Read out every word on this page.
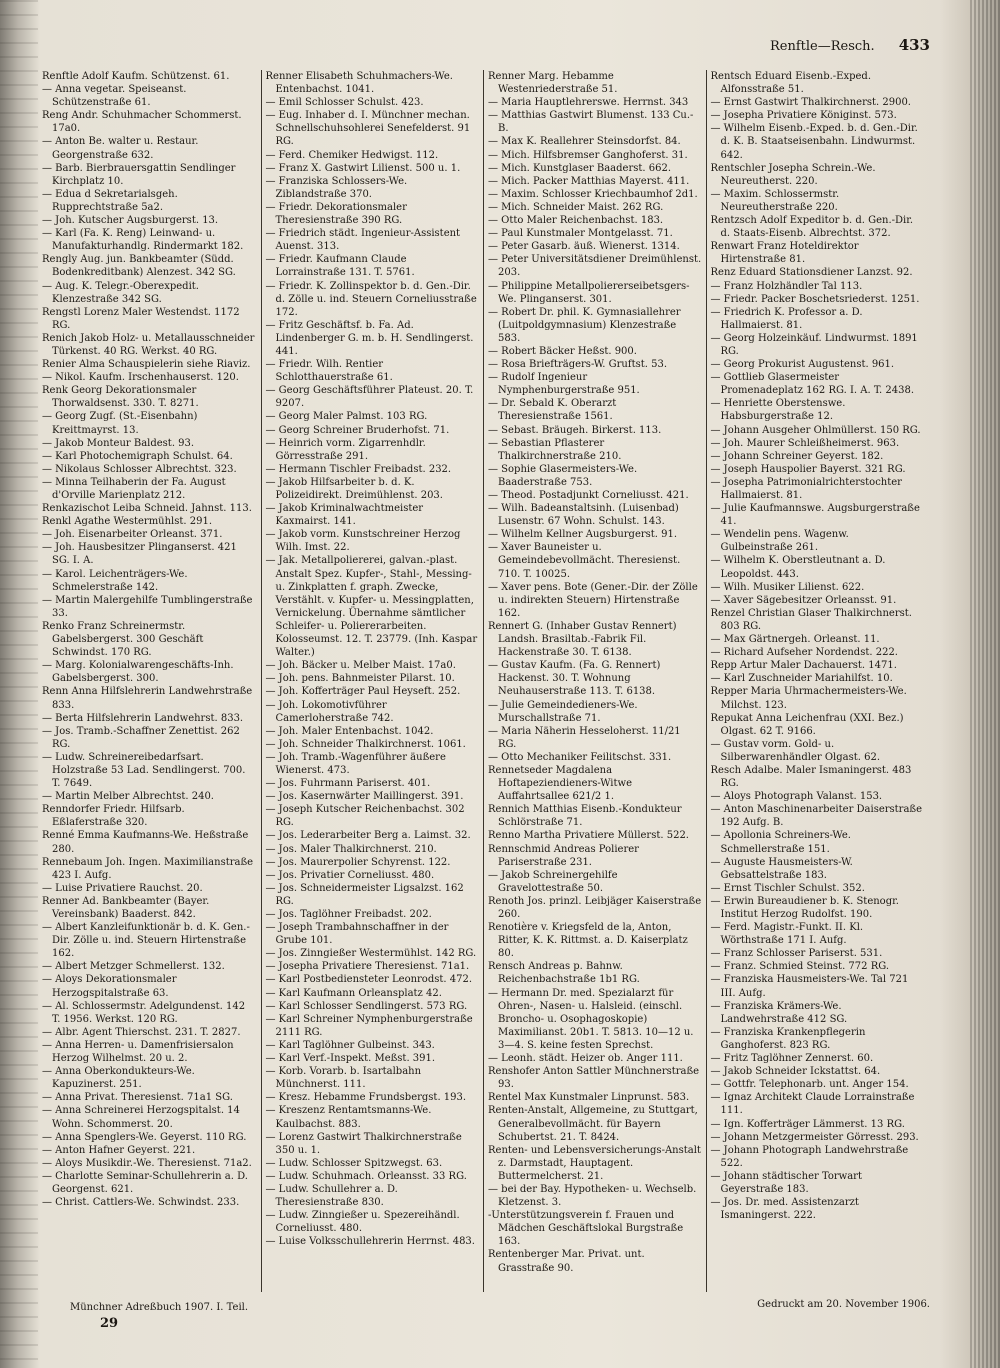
Renftle—Resch. 433
Renftle Adolf Kaufm. Schützenst. 61.
— Anna vegetar. Speiseanst. Schützenstraße 61.
Reng Andr. Schuhmacher Schommerst. 17a0.
— Anton Be. walter u. Restaur. Georgenstraße 632.
— Barb. Bierbrauersgattin Sendlinger Kirchplatz 10.
— Edua d Sekretarialsgeh. Rupprechtstraße 5a2.
— Joh. Kutscher Augsburgerst. 13.
— Karl (Fa. K. Reng) Leinwand- u. Manufakturhandlg. Rindermarkt 182.
Rengly Aug. jun. Bankbeamter (Südd. Bodenkreditbank) Alenzest. 342 SG.
— Aug. K. Telegr.-Oberexpedit. Klenzestraße 342 SG.
Rengstl Lorenz Maler Westendst. 1172 RG.
Renich Jakob Holz- u. Metallausschneider Türkenst. 40 RG. Werkst. 40 RG.
Renier Alma Schauspielerin siehe Riaviz.
— Nikol. Kaufm. Irschenhauserst. 120.
Renk Georg Dekorationsmaler Thorwaldsenst. 330. T. 8271.
— Georg Zugf. (St.-Eisenbahn) Kreittmayrst. 13.
— Jakob Monteur Baldest. 93.
— Karl Photochemigraph Schulst. 64.
— Nikolaus Schlosser Albrechtst. 323.
— Minna Teilhaberin der Fa. August d'Orville Marienplatz 212.
Renkazischot Leiba Schneid. Jahnst. 113.
Renkl Agathe Westermühlst. 291.
— Joh. Eisenarbeiter Orleanst. 371.
— Joh. Hausbesitzer Plinganserst. 421 SG. I. A.
— Karol. Leichenträgers-We. Schmelerstraße 142.
— Martin Malergehilfe Tumblingerstraße 33.
Renko Franz Schreinermstr. Gabelsbergerst. 300 Geschäft Schwindst. 170 RG.
— Marg. Kolonialwarengeschäfts-Inh. Gabelsbergerst. 300.
Renn Anna Hilfslehrerin Landwehrstraße 833.
— Berta Hilfslehrerin Landwehrst. 833.
— Jos. Tramb.-Schaffner Zenettist. 262 RG.
— Ludw. Schreinereibedarfsart. Holzstraße 53 Lad. Sendlingerst. 700. T. 7649.
— Martin Melber Albrechtst. 240.
Renndorfer Friedr. Hilfsarb. Eßlaferstraße 320.
Renné Emma Kaufmanns-We. Heßstraße 280.
Rennebaum Joh. Ingen. Maximilianstraße 423 I. Aufg.
— Luise Privatiere Rauchst. 20.
Renner Ad. Bankbeamter (Bayer. Vereinsbank) Baaderst. 842.
— Albert Kanzleifunktionär b. d. K. Gen.-Dir. Zölle u. ind. Steuern Hirtenstraße 162.
— Albert Metzger Schmellerst. 132.
— Aloys Dekorationsmaler Herzogspitalstraße 63.
— Al. Schlossermstr. Adelgundenst. 142 T. 1956. Werkst. 120 RG.
— Albr. Agent Thierschst. 231. T. 2827.
— Anna Herren- u. Damenfrisiersalon Herzog Wilhelmst. 20 u. 2.
— Anna Oberkondukteurs-We. Kapuzinerst. 251.
— Anna Privat. Theresienst. 71a1 SG.
— Anna Schreinerei Herzogspitalst. 14 Wohn. Schommerst. 20.
— Anna Spenglers-We. Geyerst. 110 RG.
— Anton Hafner Geyerst. 221.
— Aloys Musikdir.-We. Theresienst. 71a2.
— Charlotte Seminar-Schullehrerin a. D. Georgenst. 621.
— Christ. Cattlers-We. Schwindst. 233.
Renner Elisabeth Schuhmachers-We. Entenbachst. 1041.
— Emil Schlosser Schulst. 423.
— Eug. Inhaber d. I. Münchner mechan. Schnellschuhsohlerei Senefelderst. 91 RG.
— Ferd. Chemiker Hedwigst. 112.
— Franz X. Gastwirt Lilienst. 500 u. 1.
— Franziska Schlossers-We. Ziblandstraße 370.
— Friedr. Dekorationsmaler Theresienstraße 390 RG.
— Friedrich städt. Ingenieur-Assistent Auenst. 313.
— Friedr. Kaufmann Claude Lorrainstraße 131. T. 5761.
— Friedr. K. Zollinspektor b. d. Gen.-Dir. d. Zölle u. ind. Steuern Corneliusstraße 172.
— Fritz Geschäftsf. b. Fa. Ad. Lindenberger G. m. b. H. Sendlingerst. 441.
— Friedr. Wilh. Rentier Schlotthauerstraße 61.
— Georg Geschäftsführer Plateust. 20. T. 9207.
— Georg Maler Palmst. 103 RG.
— Georg Schreiner Bruderhofst. 71.
— Heinrich vorm. Zigarrenhdlr. Görresstraße 291.
— Hermann Tischler Freibadst. 232.
— Jakob Hilfsarbeiter b. d. K. Polizeidirekt. Dreimühlenst. 203.
— Jakob Kriminalwachtmeister Kaxmairst. 141.
— Jakob vorm. Kunstschreiner Herzog Wilh. Imst. 22.
— Jak. Metallpoliererei, galvan.-plast. Anstalt Spez. Kupfer-, Stahl-, Messing- u. Zinkplatten f. graph. Zwecke, Verstählt. v. Kupfer- u. Messingplatten, Vernickelung. Übernahme sämtlicher Schleifer- u. Poliererarbeiten. Kolosseumst. 12. T. 23779. (Inh. Kaspar Walter.)
— Joh. Bäcker u. Melber Maist. 17a0.
— Joh. pens. Bahnmeister Pilarst. 10.
— Joh. Kofferträger Paul Heyseft. 252.
— Joh. Lokomotivführer Camerloherstraße 742.
— Joh. Maler Entenbachst. 1042.
— Joh. Schneider Thalkirchnerst. 1061.
— Joh. Tramb.-Wagenführer äußere Wienerst. 473.
— Jos. Fuhrmann Pariserst. 401.
— Jos. Kasernwärter Maillingerst. 391.
— Joseph Kutscher Reichenbachst. 302 RG.
— Jos. Lederarbeiter Berg a. Laimst. 32.
— Jos. Maler Thalkirchnerst. 210.
— Jos. Maurerpolier Schyrenst. 122.
— Jos. Privatier Corneliusst. 480.
— Jos. Schneidermeister Ligsalzst. 162 RG.
— Jos. Taglöhner Freibadst. 202.
— Joseph Trambahnschaffner in der Grube 101.
— Jos. Zinngießer Westermühlst. 142 RG.
— Josepha Privatiere Theresienst. 71a1.
— Karl Postbediensteter Leonrodst. 472.
— Karl Kaufmann Orleansplatz 42.
— Karl Schlosser Sendlingerst. 573 RG.
— Karl Schreiner Nymphenburgerstraße 2111 RG.
— Karl Taglöhner Gulbeinst. 343.
— Karl Verf.-Inspekt. Meßst. 391.
— Korb. Vorarb. b. Isartalbahn Münchnerst. 111.
— Kresz. Hebamme Frundsbergst. 193.
— Kreszenz Rentamtsmanns-We. Kaulbachst. 883.
— Lorenz Gastwirt Thalkirchnerstraße 350 u. 1.
— Ludw. Schlosser Spitzwegst. 63.
— Ludw. Schuhmach. Orleansst. 33 RG.
— Ludw. Schullehrer a. D. Theresienstraße 830.
— Ludw. Zinngießer u. Spezereihändl. Corneliusst. 480.
— Luise Volksschullehrerin Herrnst. 483.
Renner Marg. Hebamme Westenriederstraße 51.
— Maria Hauptlehrerswe. Herrnst. 343
— Matthias Gastwirt Blumenst. 133 Cu.-B.
— Max K. Reallehrer Steinsdorfst. 84.
— Mich. Hilfsbremser Ganghoferst. 31.
— Mich. Kunstglaser Baaderst. 662.
— Mich. Packer Matthias Mayerst. 411.
— Maxim. Schlosser Kriechbaumhof 2d1.
— Mich. Schneider Maist. 262 RG.
— Otto Maler Reichenbachst. 183.
— Paul Kunstmaler Montgelasst. 71.
— Peter Gasarb. äuß. Wienerst. 1314.
— Peter Universitätsdiener Dreimühlenst. 203.
— Philippine Metallpoliererseibetsgers-We. Plinganserst. 301.
— Robert Dr. phil. K. Gymnasiallehrer (Luitpoldgymnasium) Klenzestraße 583.
— Robert Bäcker Heßst. 900.
— Rosa Briefträgers-W. Gruftst. 53.
— Rudolf Ingenieur Nymphenburgerstraße 951.
— Dr. Sebald K. Oberarzt Theresienstraße 1561.
— Sebast. Bräugeh. Birkerst. 113.
— Sebastian Pflasterer Thalkirchnerstraße 210.
— Sophie Glasermeisters-We. Baaderstraße 753.
— Theod. Postadjunkt Corneliusst. 421.
— Wilh. Badeanstaltsinh. (Luisenbad) Lusenstr. 67 Wohn. Schulst. 143.
— Wilhelm Kellner Augsburgerst. 91.
— Xaver Bauneister u. Gemeindebevollmächt. Theresienst. 710. T. 10025.
— Xaver pens. Bote (Gener.-Dir. der Zölle u. indirekten Steuern) Hirtenstraße 162.
Rennert G. (Inhaber Gustav Rennert) Landsh. Brasiltab.-Fabrik Fil. Hackenstraße 30. T. 6138.
— Gustav Kaufm. (Fa. G. Rennert) Hackenst. 30. T. Wohnung Neuhauserstraße 113. T. 6138.
— Julie Gemeindedieners-We. Murschallstraße 71.
— Maria Näherin Hesseloherst. 11/21 RG.
— Otto Mechaniker Feilitschst. 331.
Rennetseder Magdalena Hoftapeziendieners-Witwe Auffahrtsallee 621/2 1.
Rennich Matthias Eisenb.-Kondukteur Schlörstraße 71.
Renno Martha Privatiere Müllerst. 522.
Rennschmid Andreas Polierer Pariserstraße 231.
— Jakob Schreinergehilfe Gravelottestraße 50.
Renoth Jos. prinzl. Leibjäger Kaiserstraße 260.
Renotière v. Kriegsfeld de la, Anton, Ritter, K. K. Rittmst. a. D. Kaiserplatz 80.
Rensch Andreas p. Bahnw. Reichenbachstraße 1b1 RG.
— Hermann Dr. med. Spezialarzt für Ohren-, Nasen- u. Halsleid. (einschl. Broncho- u. Osophagoskopie) Maximilianst. 20b1. T. 5813. 10—12 u. 3—4. S. keine festen Sprechst.
— Leonh. städt. Heizer ob. Anger 111.
Renshofer Anton Sattler Münchnerstraße 93.
Rentel Max Kunstmaler Linprunst. 583.
Renten-Anstalt, Allgemeine, zu Stuttgart, Generalbevollmächt. für Bayern Schubertst. 21. T. 8424.
Renten- und Lebensversicherungs-Anstalt z. Darmstadt, Hauptagent. Buttermelcherst. 21.
— bei der Bay. Hypotheken- u. Wechselb. Kletzenst. 3.
-Unterstützungsverein f. Frauen und Mädchen Geschäftslokal Burgstraße 163.
Rentenberger Mar. Privat. unt. Grasstraße 90.
Rentsch Eduard Eisenb.-Exped. Alfonsstraße 51.
— Ernst Gastwirt Thalkirchnerst. 2900.
— Josepha Privatiere Königinst. 573.
— Wilhelm Eisenb.-Exped. b. d. Gen.-Dir. d. K. B. Staatseisenbahn. Lindwurmst. 642.
Rentschler Josepha Schrein.-We. Neureutherst. 220.
— Maxim. Schlossermstr. Neureutherstraße 220.
Rentzsch Adolf Expeditor b. d. Gen.-Dir. d. Staats-Eisenb. Albrechtst. 372.
Renwart Franz Hoteldirektor Hirtenstraße 81.
Renz Eduard Stationsdiener Lanzst. 92.
— Franz Holzhändler Tal 113.
— Friedr. Packer Boschetsriederst. 1251.
— Friedrich K. Professor a. D. Hallmaierst. 81.
— Georg Holzeinkäuf. Lindwurmst. 1891 RG.
— Georg Prokurist Augustenst. 961.
— Gottlieb Glasermeister Promenadeplatz 162 RG. I. A. T. 2438.
— Henriette Oberstenswe. Habsburgerstraße 12.
— Johann Ausgeher Ohlmüllerst. 150 RG.
— Joh. Maurer Schleißheimerst. 963.
— Johann Schreiner Geyerst. 182.
— Joseph Hauspolier Bayerst. 321 RG.
— Josepha Patrimonialrichterstochter Hallmaierst. 81.
— Julie Kaufmannswe. Augsburgerstraße 41.
— Wendelin pens. Wagenw. Gulbeinstraße 261.
— Wilhelm K. Oberstleutnant a. D. Leopoldst. 443.
— Wilh. Musiker Lilienst. 622.
— Xaver Sägebesitzer Orleansst. 91.
Renzel Christian Glaser Thalkirchnerst. 803 RG.
— Max Gärtnergeh. Orleanst. 11.
— Richard Aufseher Nordendst. 222.
Repp Artur Maler Dachauerst. 1471.
— Karl Zuschneider Mariahilfst. 10.
Repper Maria Uhrmachermeisters-We. Milchst. 123.
Repukat Anna Leichenfrau (XXI. Bez.) Olgast. 62 T. 9166.
— Gustav vorm. Gold- u. Silberwarenhändler Olgast. 62.
Resch Adalbe. Maler Ismaningerst. 483 RG.
— Aloys Photograph Valanst. 153.
— Anton Maschinenarbeiter Daiserstraße 192 Aufg. B.
— Apollonia Schreiners-We. Schmellerstraße 151.
— Auguste Hausmeisters-W. Gebsattelstraße 183.
— Ernst Tischler Schulst. 352.
— Erwin Bureaudiener b. K. Stenogr. Institut Herzog Rudolfst. 190.
— Ferd. Magistr.-Funkt. II. Kl. Wörthstraße 171 I. Aufg.
— Franz Schlosser Pariserst. 531.
— Franz. Schmied Steinst. 772 RG.
— Franziska Hausmeisters-We. Tal 721 III. Aufg.
— Franziska Krämers-We. Landwehrstraße 412 SG.
— Franziska Krankenpflegerin Ganghoferst. 823 RG.
— Fritz Taglöhner Zennerst. 60.
— Jakob Schneider Ickstattst. 64.
— Gottfr. Telephonarb. unt. Anger 154.
— Ignaz Architekt Claude Lorrainstraße 111.
— Ign. Kofferträger Lämmerst. 13 RG.
— Johann Metzgermeister Görresst. 293.
— Johann Photograph Landwehrstraße 522.
— Johann städtischer Torwart Geyerstraße 183.
— Jos. Dr. med. Assistenzarzt Ismaningerst. 222.
Münchner Adreßbuch 1907. I. Teil.
29
Gedruckt am 20. November 1906.
